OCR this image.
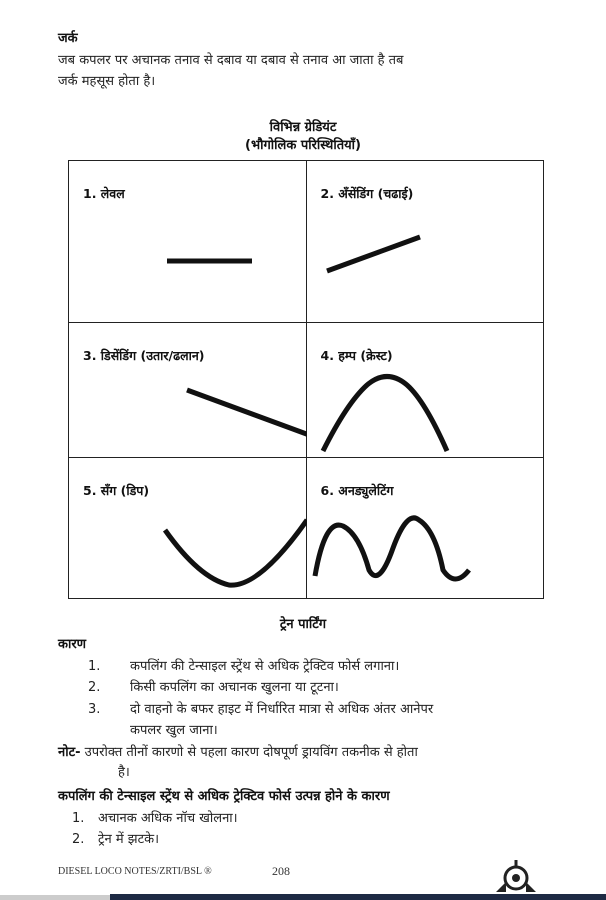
जर्क
जब कपलर पर अचानक तनाव से दबाव या दबाव से तनाव आ जाता है तब
जर्क महसूस होता है।
विभिन्न ग्रेडियंट
(भौगोलिक परिस्थितियाँ)
1. लेवल	2. अँसेंडिंग (चढाई)

3. डिसेंडिंग (उतार/ढलान)	4. हम्प (क्रेस्ट)

5. सँग (डिप)	6. अनड्युलेटिंग
ट्रेन पार्टिंग
कारण
1. कपलिंग की टेन्साइल स्ट्रेंथ से अधिक ट्रेक्टिव फोर्स लगाना।
2. किसी कपलिंग का अचानक खुलना या टूटना।
3. दो वाहनो के बफर हाइट में निर्धारित मात्रा से अधिक अंतर आनेपर
कपलर खुल जाना।
नोट- उपरोक्त तीनों कारणो से पहला कारण दोषपूर्ण ड्रायविंग तकनीक से होता
है।
कपलिंग की टेन्साइल स्ट्रेंथ से अधिक ट्रेक्टिव फोर्स उत्पन्न होने के कारण
1. अचानक अधिक नॉच खोलना।
2. ट्रेन में झटके।
DIESEL LOCO NOTES/ZRTI/BSL ®	208
